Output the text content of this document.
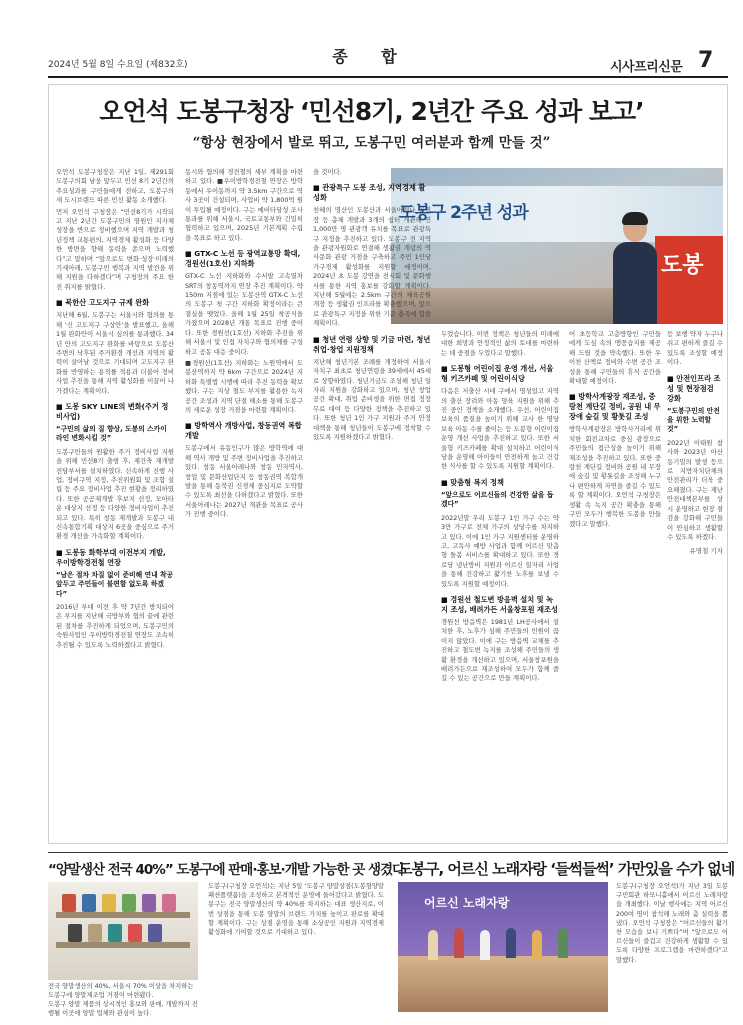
종 합
2024년 5월 8일 수요일 (제832호)	시사프리신문 7
오언석 도봉구청장 ‘민선8기, 2년간 주요 성과 보고’
“항상 현장에서 발로 뛰고, 도봉구민 여러분과 함께 만들 것”
도봉구 2주년 성과
도봉

오언석 도봉구청장은 지난 1일, 제291회 도봉구의회 남웅 앞두고 민선 8기 2년간의 주요성과를 구민들에게 전하고, 도봉구의 새 도시브랜드 따른 민선 활동 소개했다.

먼저 오언석 구청장은 “민선8기가 시작되고 지난 2년간 도봉구민의 염원인 지자체 성장을 반으로 정비했으며 지역 개발과 청년정책 교통편의, 지역경제 활성화 등 다양한 방면을 향해 동력을 쏟으며 노력했다”고 말하며 “앞으로도 변화·성장·미래의 기세아래, 도봉구민 행복과 지역 발전을 위해 지원을 다하겠다”며 구청장의 주요 한진 취지를 밝혔다.

■ 북한산 고도지구 규제 완화

지난해 6월, 도봉구는 서울시와 협의를 통해 ‘신 고도지구 구상안’을 발표했고, 올해 1월 완화안이 서울시 심의를 통과했다. 34년 만의 고도지구 완화를 바탕으로 도봉산 주변의 낙후된 주거환경 개선과 지역의 활력이 살아날 것으로 기대되며 고도지구 완화를 반영하는 용적률 적용과 더불어 정비사업 추진을 통해 지역 활성화를 이끌어 나가겠다는 계획이다.

■ 도봉 SKY LINE의 변화(주거 정비사업)
“구민의 삶의 질 향상, 도봉의 스카이 라인 변화시킬 것”

도봉구민들의 원활한 주거 정비사업 지원을 위해 민선8기 출범 후, 재건축 재개발 전담부서를 설치하였다. 신속하게 진행 사업, 정비구역 지정, 추진위원회 및 조합 설립 등 주요 정비사업 추진 현황을 정리하였다. 또한 공공재개발 후보지 선정, 모아타운 대상지 선정 등 다양한 정비사업이 추진되고 있다. 특히 창동 재개발과 도봉구 내 신속통합기획 대상지 6곳을 중심으로 주거환경 개선을 가속화할 계획이다.

■ 도봉동 화학부대 이전부지 개발, 우이방학경전철 연장
“남은 절차 차질 없이 준비해 연내 착공 앞두고 주민들이 불편함 없도록 하겠다”

2016년 부대 이전 후 약 7년간 방치되어 온 부지를 지난해 국방부와 협의 끝에 관련된 절차를 추진하게 되었으며, 도봉구민의 숙원사업인 우이방학경전철 연장도 조속히 추진될 수 있도록 노력하겠다고 밝혔다.

동시와 협의해 경전철의 세부 계획을 마련하고 있다. ■우이방학경전철 연장은 방학동에서 우이동까지 약 3.5km 구간으로 역사 3곳이 건설되며, 사업비 약 1,800억 원이 투입될 예정이다. 구는 예비타당성 조사 통과를 위해 서울시, 국토교통부와 긴밀히 협력하고 있으며, 2025년 기본계획 수립을 목표로 하고 있다.

■ GTX-C 노선 등 광역교통망 확대, 경원선(1호선) 지하화

GTX-C 노선 지하화와 수서발 고속열차 SRT의 창동역까지 연장 추진 계획이다. 약 150m 지점에 있는 도봉산역 GTX-C 노선의 도봉구 첫 구간 지하화 확정이라는 큰 결실을 맺었다. 올해 1월 25일 착공식을 가졌으며 2028년 개통 목표로 진행 중이다. 또한 경원선(1호선) 지하화 추진을 위해 서울시 및 인접 자치구와 협의체를 구성하고 공동 대응 중이다.

■경원선(1호선) 지하화는 노원역에서 도봉산역까지 약 6km 구간으로 2024년 지하화 특별법 시행에 따라 추진 동력을 확보했다. 구는 지상 철도 부지를 활용한 녹지 공간 조성과 지역 단절 해소를 통해 도봉구의 새로운 성장 거점을 마련할 계획이다.

■ 방학역사 개방사업, 창동권역 복합개발

도봉구에서 유동인구가 많은 방학역에 대해 역사 개방 및 주변 정비사업을 추진하고 있다. 창동 서울아레나와 창동 민자역사, 창업 및 문화산업단지 등 창동권역 복합개발을 통해 동북권 신경제 중심지로 도약할 수 있도록 최선을 다하겠다고 밝혔다. 또한 서울아레나는 2027년 개관을 목표로 공사가 진행 중이다.

을 것이다.

■ 관광특구 도봉 조성, 지역경제 활성화

천혜의 명산인 도봉산과 서울아레나 공연장 등 총체 개발과 3개의 쉼터 개관해 연 1,000만 명 관광객 유치를 목표로 관광특구 지정을 추진하고 있다. 도봉구 전 지역을 관광자원화로 연결해 생활권 개념의 역사문화 관광 거점을 구축하고 주민 1인당 가구경제 활성화를 지원할 예정이며, 2024년 초 도봉 강연을 전시회 및 문화행사를 통한 지역 홍보를 강화할 계획이다. 지난해 5월에는 2.5km 구간의 체육공원 개장 등 생활권 인프라를 확충했으며, 앞으로 관광특구 지정을 위한 기준 충족에 힘쓸 계획이다.

■ 청년 연령 상향 및 기금 마련, 청년 취업·창업 지원정책

지난해 청년기본 조례를 개정하여 서울시 자치구 최초로 청년연령을 39세에서 45세로 상향하였다. 청년기금도 조성해 청년 일자리 지원을 강화하고 있으며, 청년 창업 공간 확대, 취업 준비생을 위한 면접 정장 무료 대여 등 다양한 정책을 추진하고 있다. 또한 청년 1인 가구 지원과 주거 안정 대책을 통해 청년들이 도봉구에 정착할 수 있도록 지원하겠다고 밝혔다.

두었습니다. 이번 정책은 청년들의 미래에 대한 희망과 안정적인 삶의 토대를 마련하는 데 중점을 두었다고 말했다.

■ 도봉형 어린이집 운영 개선, 서울형 키즈카페 및 어린이식당

다음은 저출산 시대 구에서 명성있고 지역의 출산 장려와 아동 양육 지원을 위해 추진 중인 정책을 소개했다. 우선, 어린이집 보육의 품질을 높이기 위해 교사 한 명당 보육 아동 수를 줄이는 등 도봉형 어린이집 운영 개선 사업을 추진하고 있다. 또한 서울형 키즈카페를 확대 설치하고 어린이식당을 운영해 아이들이 안전하게 놀고 건강한 식사를 할 수 있도록 지원할 계획이다.

■ 맞춤형 복지 정책
“앞으로도 어르신들의 건강한 삶을 돕겠다”

2022년말 우리 도봉구 1인 가구 수는 약 3만 가구로 전체 가구의 상당수를 차지하고 있다. 이에 1인 가구 지원센터를 운영하고, 고독사 예방 사업과 함께 어르신 맞춤형 돌봄 서비스를 확대하고 있다. 또한 경로당 냉난방비 지원과 어르신 일자리 사업을 통해 건강하고 활기찬 노후를 보낼 수 있도록 지원할 예정이다.

■ 경원선 철도변 방음벽 설치 및 녹지 조성, 배려가든 서울창포원 재조성

경원선 방음벽은 1981년 LH공사에서 설치한 후, 노후가 심해 주민들의 민원이 끊이지 않았다. 이에 구는 방음벽 교체를 추진하고 철도변 녹지를 조성해 주민들의 생활 환경을 개선하고 있으며, 서울창포원을 배려가든으로 재조성하여 모두가 함께 즐길 수 있는 공간으로 만들 계획이다.

어 초등학교 고층방향인 구민들에게 도심 속의 맹꽁습지를 제공해 드릴 것을 약속했다. 또한 우이천 산책로 정비와 수변 공간 조성을 통해 구민들의 휴식 공간을 확대할 예정이다.

■ 방학사계광장 재조성, 중랑천 계단길 정비, 공원 내 무장애 숲길 및 황톳길 조성

방학사계광장은 방학사거리에 위치한 회전교차로 중심 광장으로 주민들의 접근성을 높이기 위해 재조성을 추진하고 있다. 또한 중랑천 계단길 정비와 공원 내 무장애 숲길 및 황톳길을 조성해 누구나 편안하게 자연을 즐길 수 있도록 할 계획이다. 오언석 구청장은 생활 속 녹지 공간 확충을 통해 구민 모두가 행복한 도봉을 만들겠다고 말했다.

등 보행 약자 누구나 쉬고 편하게 즐길 수 있도록 조성할 예정이다.

■ 안전인프라 조성 및 현장점검 강화
“도봉구민의 안전을 위한 노력할 것”

2022년 이태원 참사와 2023년 아산 동기밀의 발생 등으로 지방자치단체의 안전관리가 더욱 중요해졌다. 구는 재난안전대책본부를 상시 운영하고 현장 점검을 강화해 구민들이 안심하고 생활할 수 있도록 하겠다.

유명철 기자
“양말생산 전국 40%” 도봉구에 판매·홍보·개발 가능한 곳 생겼다

전국 양말생산의 40%, 서울시 70% 이상을 차지하는 도봉구에 양말제조업 거점이 마련됐다.

도봉구 양말 제품의 상시적인 홍보와 판매, 개발까지 진행될 이곳에 양말 업체와 관심이 높다.

도봉구(구청장 오언석)는 지난 5일 ‘도봉구 양말상점(도봉형양말 패션플랫폼)을 조성하고 본격적인 운영에 들어갔다고 밝혔다. 도봉구는 전국 양말생산의 약 40%를 차지하는 대표 생산지로, 이번 상점을 통해 도봉 양말의 브랜드 가치를 높이고 판로를 확대할 계획이다. 구는 상점 운영을 통해 소상공인 지원과 지역경제 활성화에 기여할 것으로 기대하고 있다.

도봉구, 어르신 노래자랑 ‘들썩들썩’ 가만있을 수가 없네
어르신 노래자랑

도봉구(구청장 오언석)가 지난 3일 도봉구민회관 하모니홀에서 어르신 노래자랑을 개최했다. 이날 행사에는 지역 어르신 200여 명이 참석해 노래와 춤 실력을 뽐냈다. 오언석 구청장은 “어르신들의 활기찬 모습을 보니 기쁘다”며 “앞으로도 어르신들이 즐겁고 건강하게 생활할 수 있도록 다양한 프로그램을 마련하겠다”고 말했다.
